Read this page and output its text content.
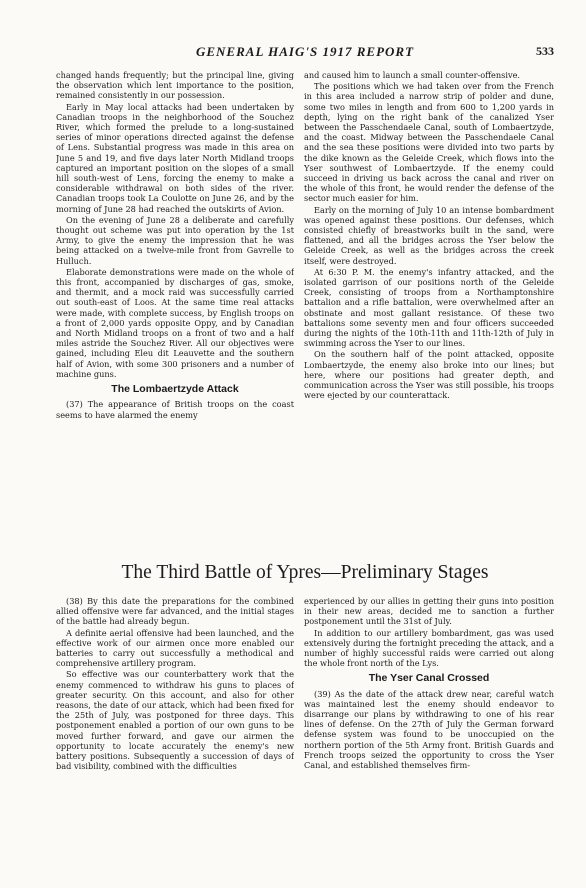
GENERAL HAIG'S 1917 REPORT	533

changed hands frequently; but the principal line, giving the observation which lent importance to the position, remained consistently in our possession.

Early in May local attacks had been undertaken by Canadian troops in the neighborhood of the Souchez River, which formed the prelude to a long-sustained series of minor operations directed against the defense of Lens. Substantial progress was made in this area on June 5 and 19, and five days later North Midland troops captured an important position on the slopes of a small hill south-west of Lens, forcing the enemy to make a considerable withdrawal on both sides of the river. Canadian troops took La Coulotte on June 26, and by the morning of June 28 had reached the outskirts of Avion.

On the evening of June 28 a deliberate and carefully thought out scheme was put into operation by the 1st Army, to give the enemy the impression that he was being attacked on a twelve-mile front from Gavrelle to Hulluch.

Elaborate demonstrations were made on the whole of this front, accompanied by discharges of gas, smoke, and thermit, and a mock raid was successfully carried out south-east of Loos. At the same time real attacks were made, with complete success, by English troops on a front of 2,000 yards opposite Oppy, and by Canadian and North Midland troops on a front of two and a half miles astride the Souchez River. All our objectives were gained, including Eleu dit Leauvette and the southern half of Avion, with some 300 prisoners and a number of machine guns.

The Lombaertzyde Attack

(37) The appearance of British troops on the coast seems to have alarmed the enemy

and caused him to launch a small counter-offensive.

The positions which we had taken over from the French in this area included a narrow strip of polder and dune, some two miles in length and from 600 to 1,200 yards in depth, lying on the right bank of the canalized Yser between the Passchendaele Canal, south of Lombaertzyde, and the coast. Midway between the Passchendaele Canal and the sea these positions were divided into two parts by the dike known as the Geleide Creek, which flows into the Yser southwest of Lombaertzyde. If the enemy could succeed in driving us back across the canal and river on the whole of this front, he would render the defense of the sector much easier for him.

Early on the morning of July 10 an intense bombardment was opened against these positions. Our defenses, which consisted chiefly of breastworks built in the sand, were flattened, and all the bridges across the Yser below the Geleide Creek, as well as the bridges across the creek itself, were destroyed.

At 6:30 P. M. the enemy's infantry attacked, and the isolated garrison of our positions north of the Geleide Creek, consisting of troops from a Northamptonshire battalion and a rifle battalion, were overwhelmed after an obstinate and most gallant resistance. Of these two battalions some seventy men and four officers succeeded during the nights of the 10th-11th and 11th-12th of July in swimming across the Yser to our lines.

On the southern half of the point attacked, opposite Lombaertzyde, the enemy also broke into our lines; but here, where our positions had greater depth, and communication across the Yser was still possible, his troops were ejected by our counterattack.

The Third Battle of Ypres—Preliminary Stages

(38) By this date the preparations for the combined allied offensive were far advanced, and the initial stages of the battle had already begun.

A definite aerial offensive had been launched, and the effective work of our airmen once more enabled our batteries to carry out successfully a methodical and comprehensive artillery program.

So effective was our counterbattery work that the enemy commenced to withdraw his guns to places of greater security. On this account, and also for other reasons, the date of our attack, which had been fixed for the 25th of July, was postponed for three days. This postponement enabled a portion of our own guns to be moved further forward, and gave our airmen the opportunity to locate accurately the enemy's new battery positions. Subsequently a succession of days of bad visibility, combined with the difficulties

experienced by our allies in getting their guns into position in their new areas, decided me to sanction a further postponement until the 31st of July.

In addition to our artillery bombardment, gas was used extensively during the fortnight preceding the attack, and a number of highly successful raids were carried out along the whole front north of the Lys.

The Yser Canal Crossed

(39) As the date of the attack drew near, careful watch was maintained lest the enemy should endeavor to disarrange our plans by withdrawing to one of his rear lines of defense. On the 27th of July the German forward defense system was found to be unoccupied on the northern portion of the 5th Army front. British Guards and French troops seized the opportunity to cross the Yser Canal, and established themselves firm-
